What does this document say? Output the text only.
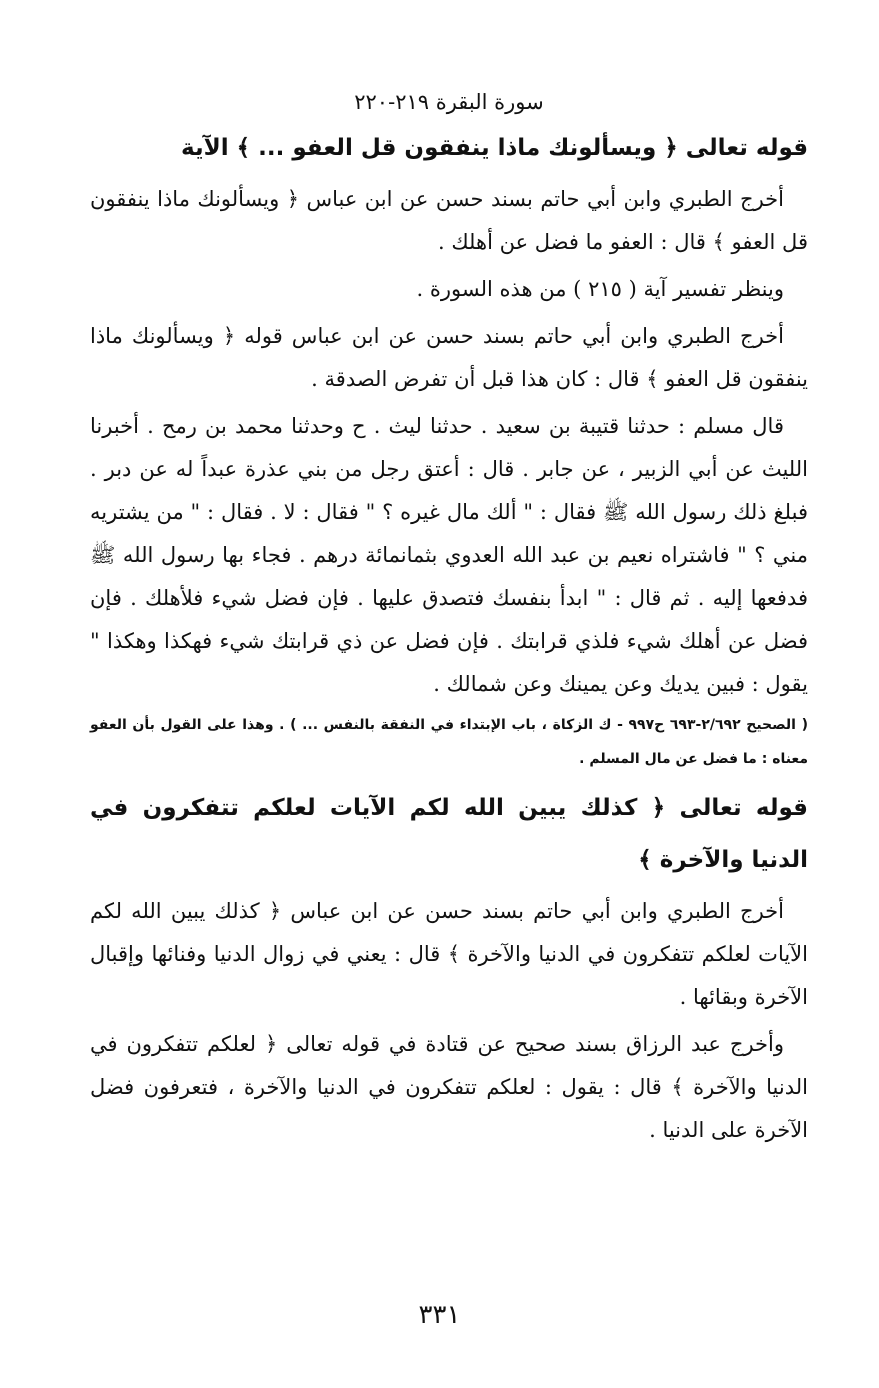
سورة البقرة ٢١٩-٢٢٠
قوله تعالى ﴿ ويسألونك ماذا ينفقون قل العفو ... ﴾ الآية

أخرج الطبري وابن أبي حاتم بسند حسن عن ابن عباس ﴿ ويسألونك ماذا ينفقون قل العفو ﴾ قال : العفو ما فضل عن أهلك .

وينظر تفسير آية ( ٢١٥ ) من هذه السورة .

أخرج الطبري وابن أبي حاتم بسند حسن عن ابن عباس قوله ﴿ ويسألونك ماذا ينفقون قل العفو ﴾ قال : كان هذا قبل أن تفرض الصدقة .

قال مسلم : حدثنا قتيبة بن سعيد . حدثنا ليث . ح وحدثنا محمد بن رمح . أخبرنا الليث عن أبي الزبير ، عن جابر . قال : أعتق رجل من بني عذرة عبداً له عن دبر . فبلغ ذلك رسول الله ﷺ فقال : " ألك مال غيره ؟ " فقال : لا . فقال : " من يشتريه مني ؟ " فاشتراه نعيم بن عبد الله العدوي بثمانمائة درهم . فجاء بها رسول الله ﷺ فدفعها إليه . ثم قال : " ابدأ بنفسك فتصدق عليها . فإن فضل شيء فلأهلك . فإن فضل عن أهلك شيء فلذي قرابتك . فإن فضل عن ذي قرابتك شيء فهكذا وهكذا " يقول : فبين يديك وعن يمينك وعن شمالك .

( الصحيح ٢/٦٩٢-٦٩٣ ح٩٩٧ - ك الزكاة ، باب الإبتداء في النفقة بالنفس ... ) . وهذا على القول بأن العفو معناه : ما فضل عن مال المسلم .

قوله تعالى ﴿ كذلك يبين الله لكم الآيات لعلكم تتفكرون في الدنيا والآخرة ﴾

أخرج الطبري وابن أبي حاتم بسند حسن عن ابن عباس ﴿ كذلك يبين الله لكم الآيات لعلكم تتفكرون في الدنيا والآخرة ﴾ قال : يعني في زوال الدنيا وفنائها وإقبال الآخرة وبقائها .

وأخرج عبد الرزاق بسند صحيح عن قتادة في قوله تعالى ﴿ لعلكم تتفكرون في الدنيا والآخرة ﴾ قال : يقول : لعلكم تتفكرون في الدنيا والآخرة ، فتعرفون فضل الآخرة على الدنيا .

٣٣١
